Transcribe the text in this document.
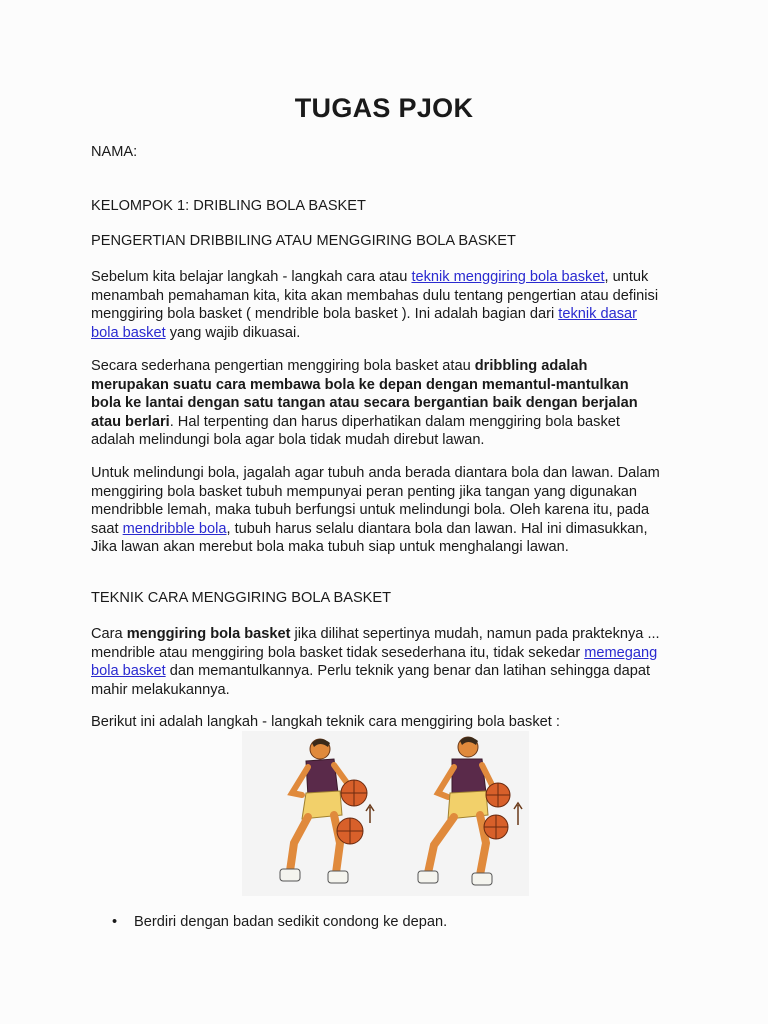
TUGAS PJOK

NAMA:

KELOMPOK 1: DRIBLING BOLA BASKET

PENGERTIAN DRIBBILING ATAU MENGGIRING BOLA BASKET

Sebelum kita belajar langkah - langkah cara atau teknik menggiring bola basket, untuk
menambah pemahaman kita, kita akan membahas dulu tentang pengertian atau definisi
menggiring bola basket ( mendrible bola basket ). Ini adalah bagian dari teknik dasar
bola basket yang wajib dikuasai.
Secara sederhana pengertian menggiring bola basket atau dribbling adalah
merupakan suatu cara membawa bola ke depan dengan memantul-mantulkan
bola ke lantai dengan satu tangan atau secara bergantian baik dengan berjalan
atau berlari. Hal terpenting dan harus diperhatikan dalam menggiring bola basket
adalah melindungi bola agar bola tidak mudah direbut lawan.
Untuk melindungi bola, jagalah agar tubuh anda berada diantara bola dan lawan. Dalam
menggiring bola basket tubuh mempunyai peran penting jika tangan yang digunakan
mendribble lemah, maka tubuh berfungsi untuk melindungi bola. Oleh karena itu, pada
saat mendribble bola, tubuh harus selalu diantara bola dan lawan. Hal ini dimasukkan,
Jika lawan akan merebut bola maka tubuh siap untuk menghalangi lawan.

TEKNIK CARA MENGGIRING BOLA BASKET

Cara menggiring bola basket jika dilihat sepertinya mudah, namun pada prakteknya ...
mendrible atau menggiring bola basket tidak sesederhana itu, tidak sekedar memegang
bola basket dan memantulkannya. Perlu teknik yang benar dan latihan sehingga dapat
mahir melakukannya.

Berikut ini adalah langkah - langkah teknik cara menggiring bola basket :

• Berdiri dengan badan sedikit condong ke depan.
